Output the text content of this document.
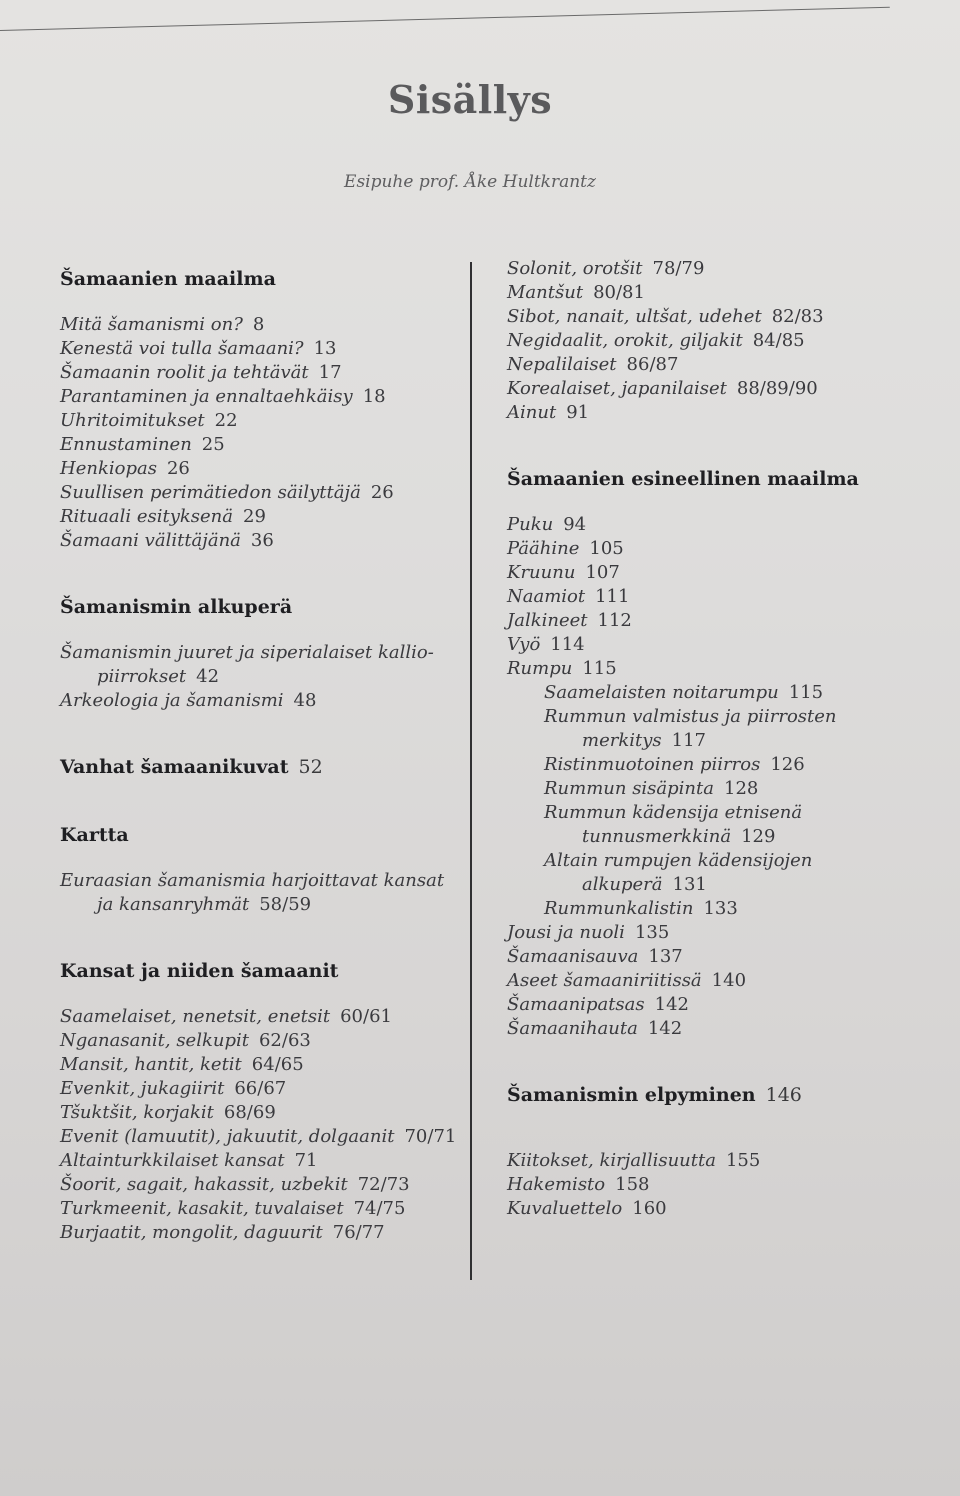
Sisällys
Esipuhe prof. Åke Hultkrantz
Šamaanien maailma
Mitä šamanismi on? 8
Kenestä voi tulla šamaani? 13
Šamaanin roolit ja tehtävät 17
Parantaminen ja ennaltaehkäisy 18
Uhritoimitukset 22
Ennustaminen 25
Henkiopas 26
Suullisen perimätiedon säilyttäjä 26
Rituaali esityksenä 29
Šamaani välittäjänä 36
Šamanismin alkuperä
Šamanismin juuret ja siperialaiset kallio-
piirrokset 42
Arkeologia ja šamanismi 48
Vanhat šamaanikuvat 52
Kartta
Euraasian šamanismia harjoittavat kansat
ja kansanryhmät 58/59
Kansat ja niiden šamaanit
Saamelaiset, nenetsit, enetsit 60/61
Nganasanit, selkupit 62/63
Mansit, hantit, ketit 64/65
Evenkit, jukagiirit 66/67
Tšuktšit, korjakit 68/69
Evenit (lamuutit), jakuutit, dolgaanit 70/71
Altainturkkilaiset kansat 71
Šoorit, sagait, hakassit, uzbekit 72/73
Turkmeenit, kasakit, tuvalaiset 74/75
Burjaatit, mongolit, daguurit 76/77
Solonit, orotšit 78/79
Mantšut 80/81
Sibot, nanait, ultšat, udehet 82/83
Negidaalit, orokit, giljakit 84/85
Nepalilaiset 86/87
Korealaiset, japanilaiset 88/89/90
Ainut 91
Šamaanien esineellinen maailma
Puku 94
Päähine 105
Kruunu 107
Naamiot 111
Jalkineet 112
Vyö 114
Rumpu 115
Saamelaisten noitarumpu 115
Rummun valmistus ja piirrosten
merkitys 117
Ristinmuotoinen piirros 126
Rummun sisäpinta 128
Rummun kädensija etnisenä
tunnusmerkkinä 129
Altain rumpujen kädensijojen
alkuperä 131
Rummunkalistin 133
Jousi ja nuoli 135
Šamaanisauva 137
Aseet šamaaniriitissä 140
Šamaanipatsas 142
Šamaanihauta 142
Šamanismin elpyminen 146
Kiitokset, kirjallisuutta 155
Hakemisto 158
Kuvaluettelo 160
